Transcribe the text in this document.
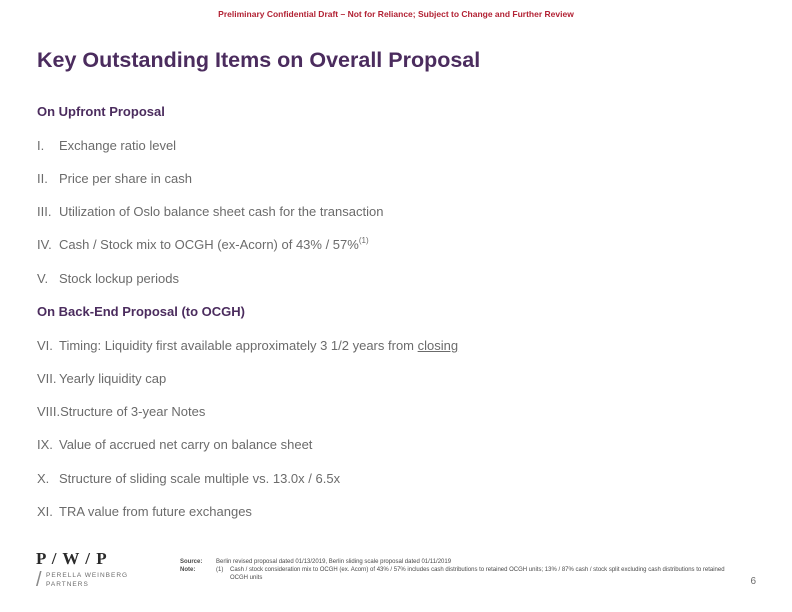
Preliminary Confidential Draft – Not for Reliance; Subject to Change and Further Review
Key Outstanding Items on Overall Proposal
On Upfront Proposal
I. Exchange ratio level
II. Price per share in cash
III. Utilization of Oslo balance sheet cash for the transaction
IV. Cash / Stock mix to OCGH (ex-Acorn) of 43% / 57%$^{(1)}$
V. Stock lockup periods
On Back-End Proposal (to OCGH)
VI. Timing: Liquidity first available approximately 3 1/2 years from closing
VII. Yearly liquidity cap
VIII.Structure of 3-year Notes
IX. Value of accrued net carry on balance sheet
X. Structure of sliding scale multiple vs. 13.0x / 6.5x
XI. TRA value from future exchanges
P / W / P
/ PERELLA WEINBERG
PARTNERS
Source:	Berlin revised proposal dated 01/13/2019, Berlin sliding scale proposal dated 01/11/2019
Note:	(1)	Cash / stock consideration mix to OCGH (ex. Acorn) of 43% / 57% includes cash distributions to retained OCGH units; 13% / 87% cash / stock split excluding cash distributions to retained OCGH units	6
